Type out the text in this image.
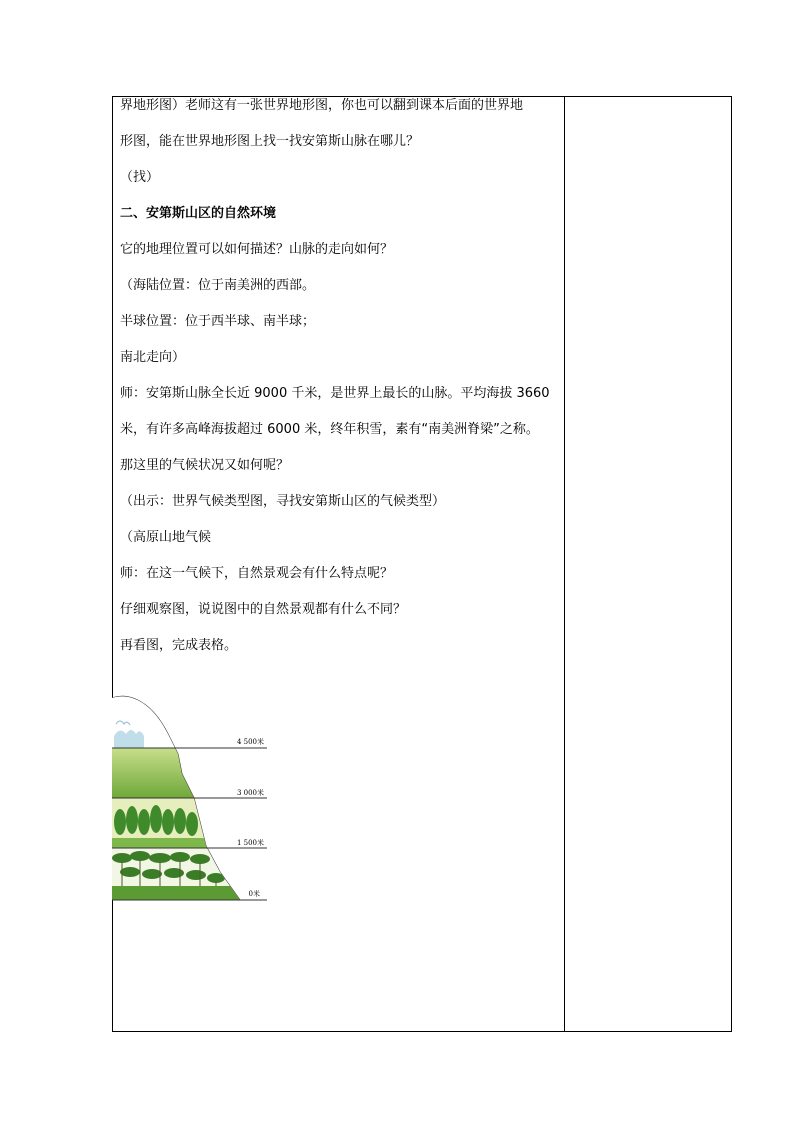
界地形图）老师这有一张世界地形图，你也可以翻到课本后面的世界地
形图，能在世界地形图上找一找安第斯山脉在哪儿？
（找）
二、安第斯山区的自然环境
它的地理位置可以如何描述？山脉的走向如何？
（海陆位置：位于南美洲的西部。
半球位置：位于西半球、南半球；
南北走向）
师：安第斯山脉全长近 9000 千米，是世界上最长的山脉。平均海拔 3660
米，有许多高峰海拔超过 6000 米，终年积雪，素有“南美洲脊梁”之称。
那这里的气候状况又如何呢？
（出示：世界气候类型图，寻找安第斯山区的气候类型）
（高原山地气候
师：在这一气候下，自然景观会有什么特点呢？
仔细观察图，说说图中的自然景观都有什么不同？
再看图，完成表格。
4 500米
3 000米
1 500米
0米
